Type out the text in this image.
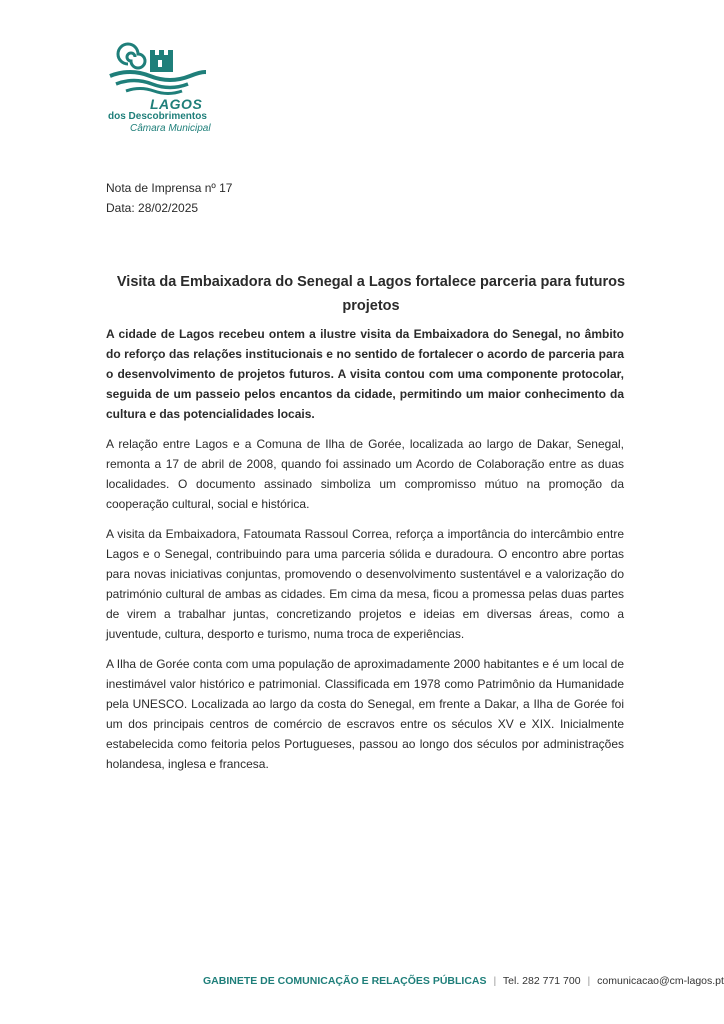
LAGOS
dos Descobrimentos
Câmara Municipal
Nota de Imprensa nº 17
Data: 28/02/2025
Visita da Embaixadora do Senegal a Lagos fortalece parceria para futuros projetos

A cidade de Lagos recebeu ontem a ilustre visita da Embaixadora do Senegal, no âmbito do reforço das relações institucionais e no sentido de fortalecer o acordo de parceria para o desenvolvimento de projetos futuros. A visita contou com uma componente protocolar, seguida de um passeio pelos encantos da cidade, permitindo um maior conhecimento da cultura e das potencialidades locais.

A relação entre Lagos e a Comuna de Ilha de Gorée, localizada ao largo de Dakar, Senegal, remonta a 17 de abril de 2008, quando foi assinado um Acordo de Colaboração entre as duas localidades. O documento assinado simboliza um compromisso mútuo na promoção da cooperação cultural, social e histórica.

A visita da Embaixadora, Fatoumata Rassoul Correa, reforça a importância do intercâmbio entre Lagos e o Senegal, contribuindo para uma parceria sólida e duradoura. O encontro abre portas para novas iniciativas conjuntas, promovendo o desenvolvimento sustentável e a valorização do património cultural de ambas as cidades. Em cima da mesa, ficou a promessa pelas duas partes de virem a trabalhar juntas, concretizando projetos e ideias em diversas áreas, como a juventude, cultura, desporto e turismo, numa troca de experiências.

A Ilha de Gorée conta com uma população de aproximadamente 2000 habitantes e é um local de inestimável valor histórico e patrimonial. Classificada em 1978 como Patrimônio da Humanidade pela UNESCO. Localizada ao largo da costa do Senegal, em frente a Dakar, a Ilha de Gorée foi um dos principais centros de comércio de escravos entre os séculos XV e XIX. Inicialmente estabelecida como feitoria pelos Portugueses, passou ao longo dos séculos por administrações holandesa, inglesa e francesa.

GABINETE DE COMUNICAÇÃO E RELAÇÕES PÚBLICAS | Tel. 282 771 700 | comunicacao@cm-lagos.pt
